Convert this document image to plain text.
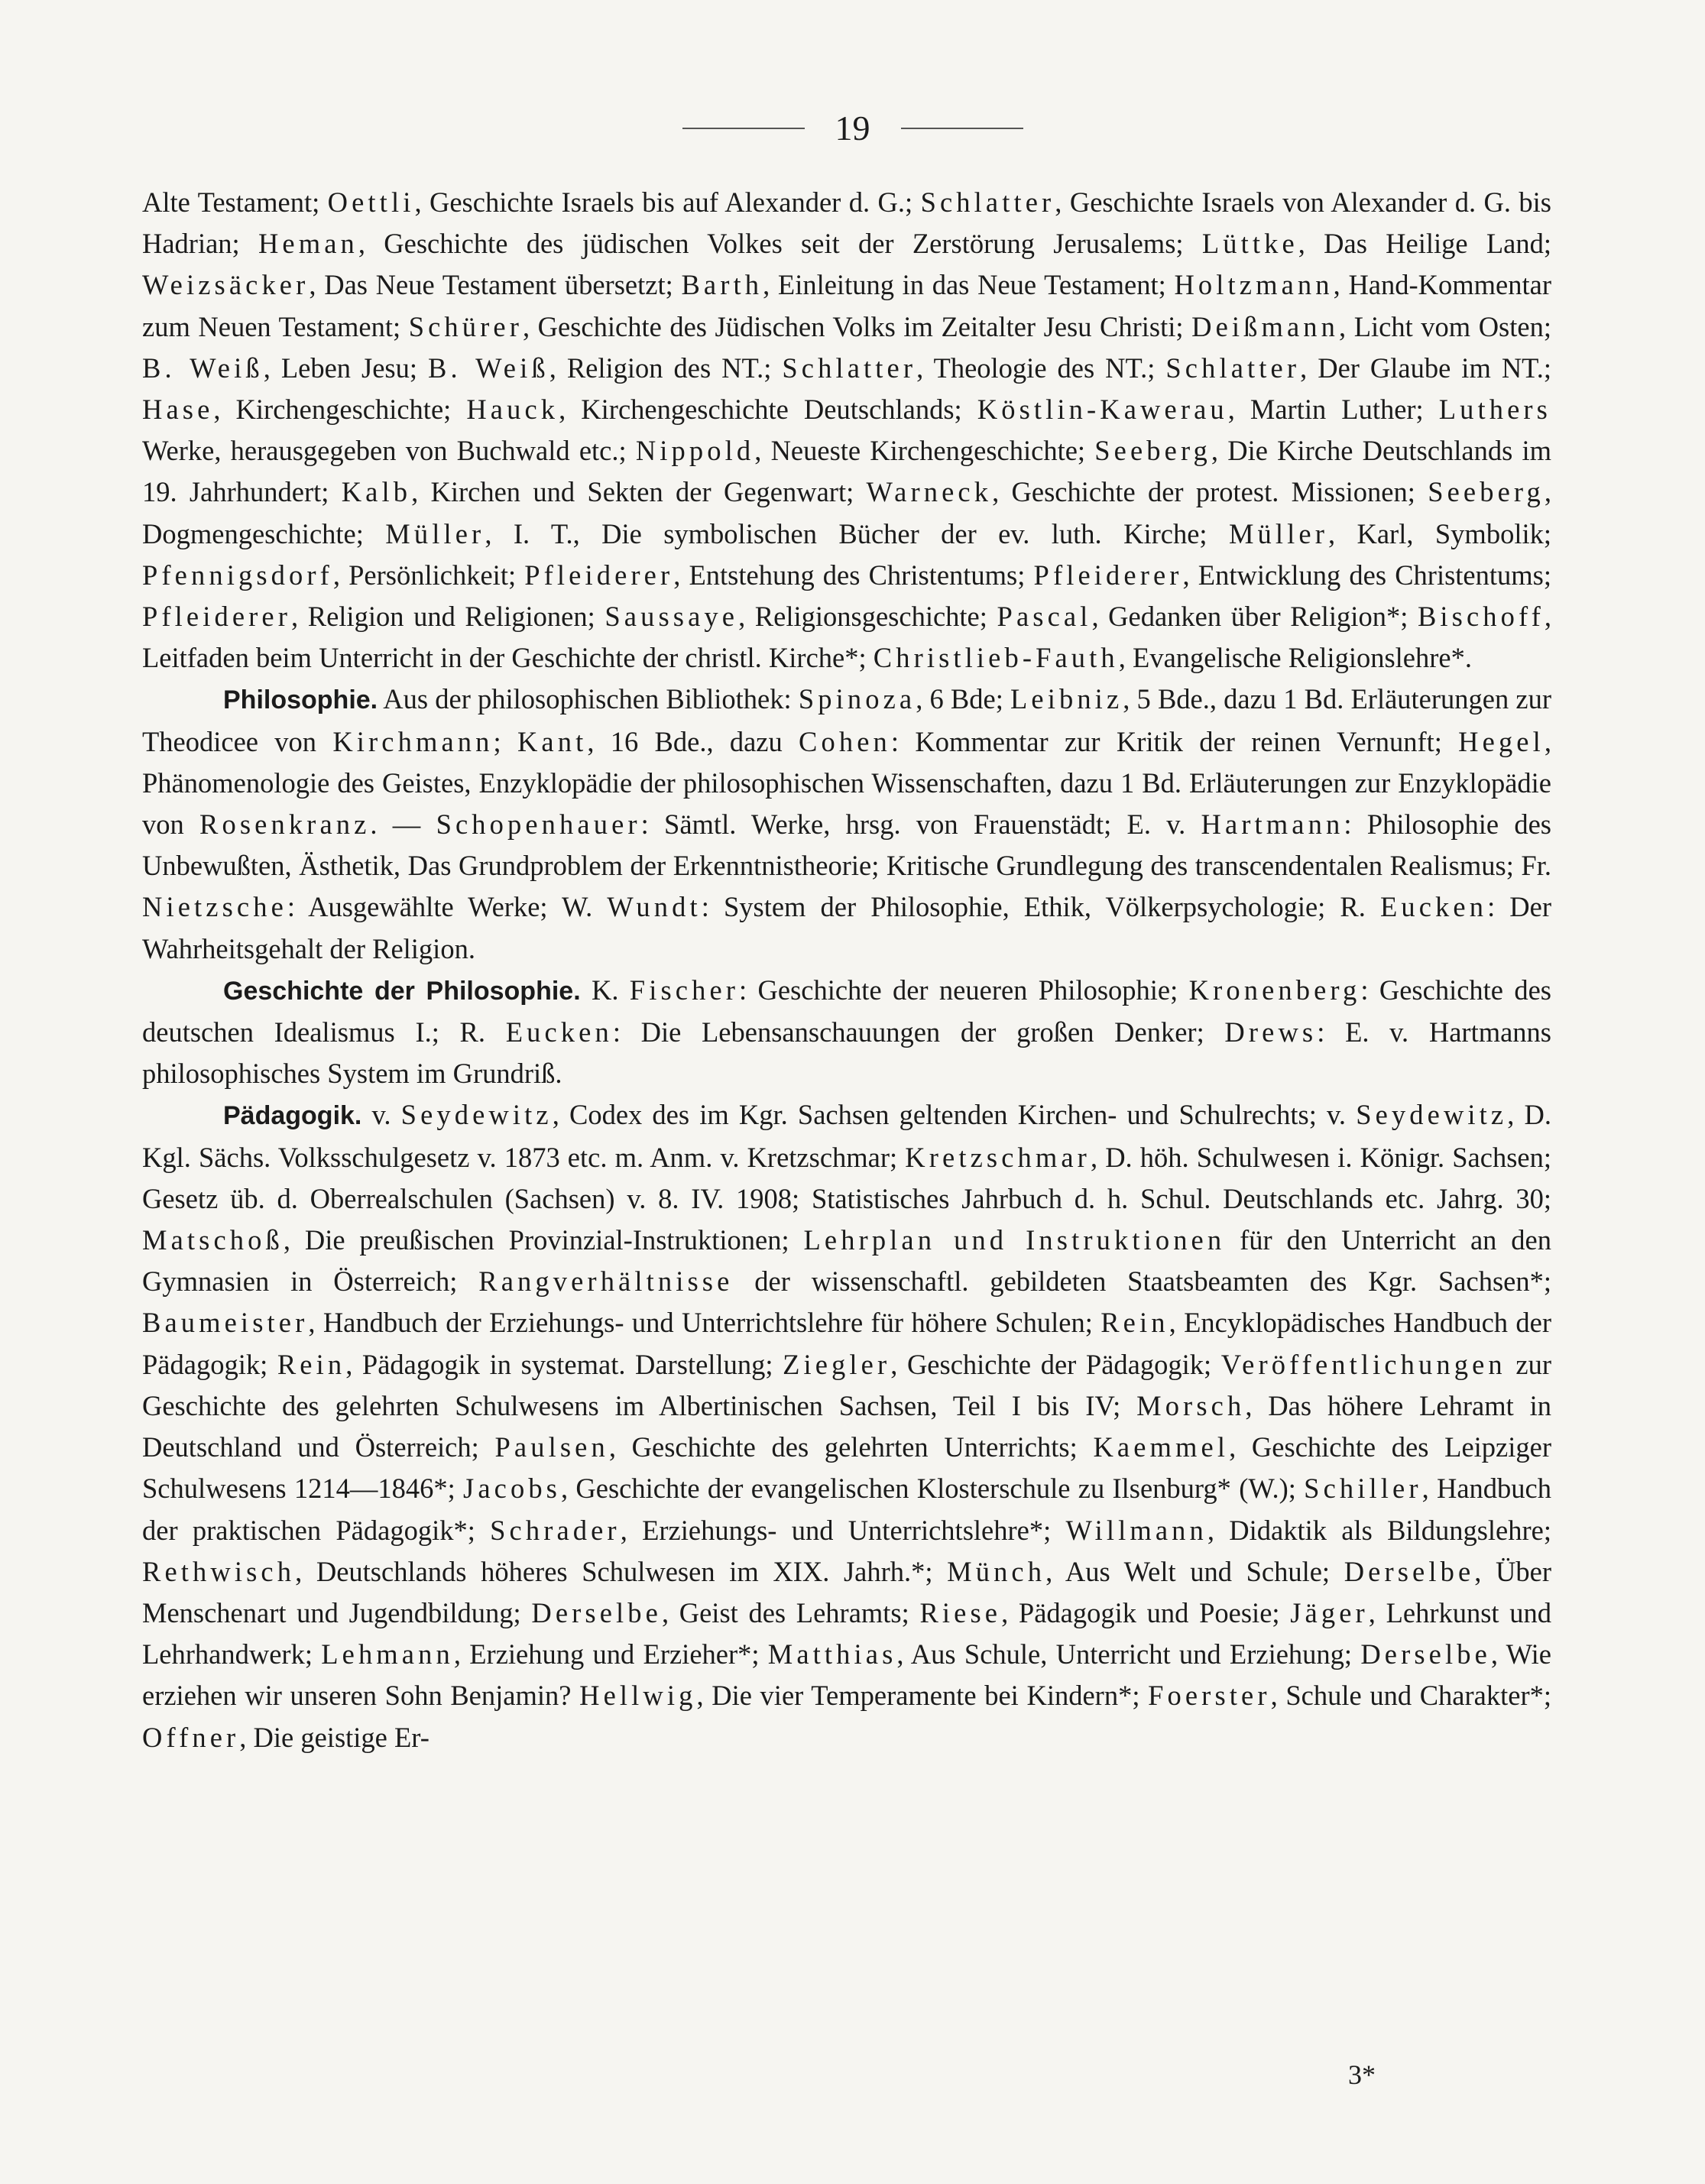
19

Alte Testament; Oettli, Geschichte Israels bis auf Alexander d. G.; Schlatter, Geschichte Israels von Alexander d. G. bis Hadrian; Heman, Geschichte des jüdischen Volkes seit der Zerstörung Jerusalems; Lüttke, Das Heilige Land; Weizsäcker, Das Neue Testament übersetzt; Barth, Einleitung in das Neue Testament; Holtzmann, Hand-Kommentar zum Neuen Testament; Schürer, Geschichte des Jüdischen Volks im Zeitalter Jesu Christi; Deißmann, Licht vom Osten; B. Weiß, Leben Jesu; B. Weiß, Religion des NT.; Schlatter, Theologie des NT.; Schlatter, Der Glaube im NT.; Hase, Kirchengeschichte; Hauck, Kirchengeschichte Deutschlands; Köstlin-Kawerau, Martin Luther; Luthers Werke, herausgegeben von Buchwald etc.; Nippold, Neueste Kirchengeschichte; Seeberg, Die Kirche Deutschlands im 19. Jahrhundert; Kalb, Kirchen und Sekten der Gegenwart; Warneck, Geschichte der protest. Missionen; Seeberg, Dogmengeschichte; Müller, I. T., Die symbolischen Bücher der ev. luth. Kirche; Müller, Karl, Symbolik; Pfennigsdorf, Persönlichkeit; Pfleiderer, Entstehung des Christentums; Pfleiderer, Entwicklung des Christentums; Pfleiderer, Religion und Religionen; Saussaye, Religionsgeschichte; Pascal, Gedanken über Religion*; Bischoff, Leitfaden beim Unterricht in der Geschichte der christl. Kirche*; Christlieb-Fauth, Evangelische Religionslehre*.

Philosophie. Aus der philosophischen Bibliothek: Spinoza, 6 Bde; Leibniz, 5 Bde., dazu 1 Bd. Erläuterungen zur Theodicee von Kirchmann; Kant, 16 Bde., dazu Cohen: Kommentar zur Kritik der reinen Vernunft; Hegel, Phänomenologie des Geistes, Enzyklopädie der philosophischen Wissenschaften, dazu 1 Bd. Erläuterungen zur Enzyklopädie von Rosenkranz. — Schopenhauer: Sämtl. Werke, hrsg. von Frauenstädt; E. v. Hartmann: Philosophie des Unbewußten, Ästhetik, Das Grundproblem der Erkenntnistheorie; Kritische Grundlegung des transcendentalen Realismus; Fr. Nietzsche: Ausgewählte Werke; W. Wundt: System der Philosophie, Ethik, Völkerpsychologie; R. Eucken: Der Wahrheitsgehalt der Religion.

Geschichte der Philosophie. K. Fischer: Geschichte der neueren Philosophie; Kronenberg: Geschichte des deutschen Idealismus I.; R. Eucken: Die Lebensanschauungen der großen Denker; Drews: E. v. Hartmanns philosophisches System im Grundriß.

Pädagogik. v. Seydewitz, Codex des im Kgr. Sachsen geltenden Kirchen- und Schulrechts; v. Seydewitz, D. Kgl. Sächs. Volksschulgesetz v. 1873 etc. m. Anm. v. Kretzschmar; Kretzschmar, D. höh. Schulwesen i. Königr. Sachsen; Gesetz üb. d. Oberrealschulen (Sachsen) v. 8. IV. 1908; Statistisches Jahrbuch d. h. Schul. Deutschlands etc. Jahrg. 30; Matschoß, Die preußischen Provinzial-Instruktionen; Lehrplan und Instruktionen für den Unterricht an den Gymnasien in Österreich; Rangverhältnisse der wissenschaftl. gebildeten Staatsbeamten des Kgr. Sachsen*; Baumeister, Handbuch der Erziehungs- und Unterrichtslehre für höhere Schulen; Rein, Encyklopädisches Handbuch der Pädagogik; Rein, Pädagogik in systemat. Darstellung; Ziegler, Geschichte der Pädagogik; Veröffentlichungen zur Geschichte des gelehrten Schulwesens im Albertinischen Sachsen, Teil I bis IV; Morsch, Das höhere Lehramt in Deutschland und Österreich; Paulsen, Geschichte des gelehrten Unterrichts; Kaemmel, Geschichte des Leipziger Schulwesens 1214—1846*; Jacobs, Geschichte der evangelischen Klosterschule zu Ilsenburg* (W.); Schiller, Handbuch der praktischen Pädagogik*; Schrader, Erziehungs- und Unterrichtslehre*; Willmann, Didaktik als Bildungslehre; Rethwisch, Deutschlands höheres Schulwesen im XIX. Jahrh.*; Münch, Aus Welt und Schule; Derselbe, Über Menschenart und Jugendbildung; Derselbe, Geist des Lehramts; Riese, Pädagogik und Poesie; Jäger, Lehrkunst und Lehrhandwerk; Lehmann, Erziehung und Erzieher*; Matthias, Aus Schule, Unterricht und Erziehung; Derselbe, Wie erziehen wir unseren Sohn Benjamin? Hellwig, Die vier Temperamente bei Kindern*; Foerster, Schule und Charakter*; Offner, Die geistige Er-

3*
